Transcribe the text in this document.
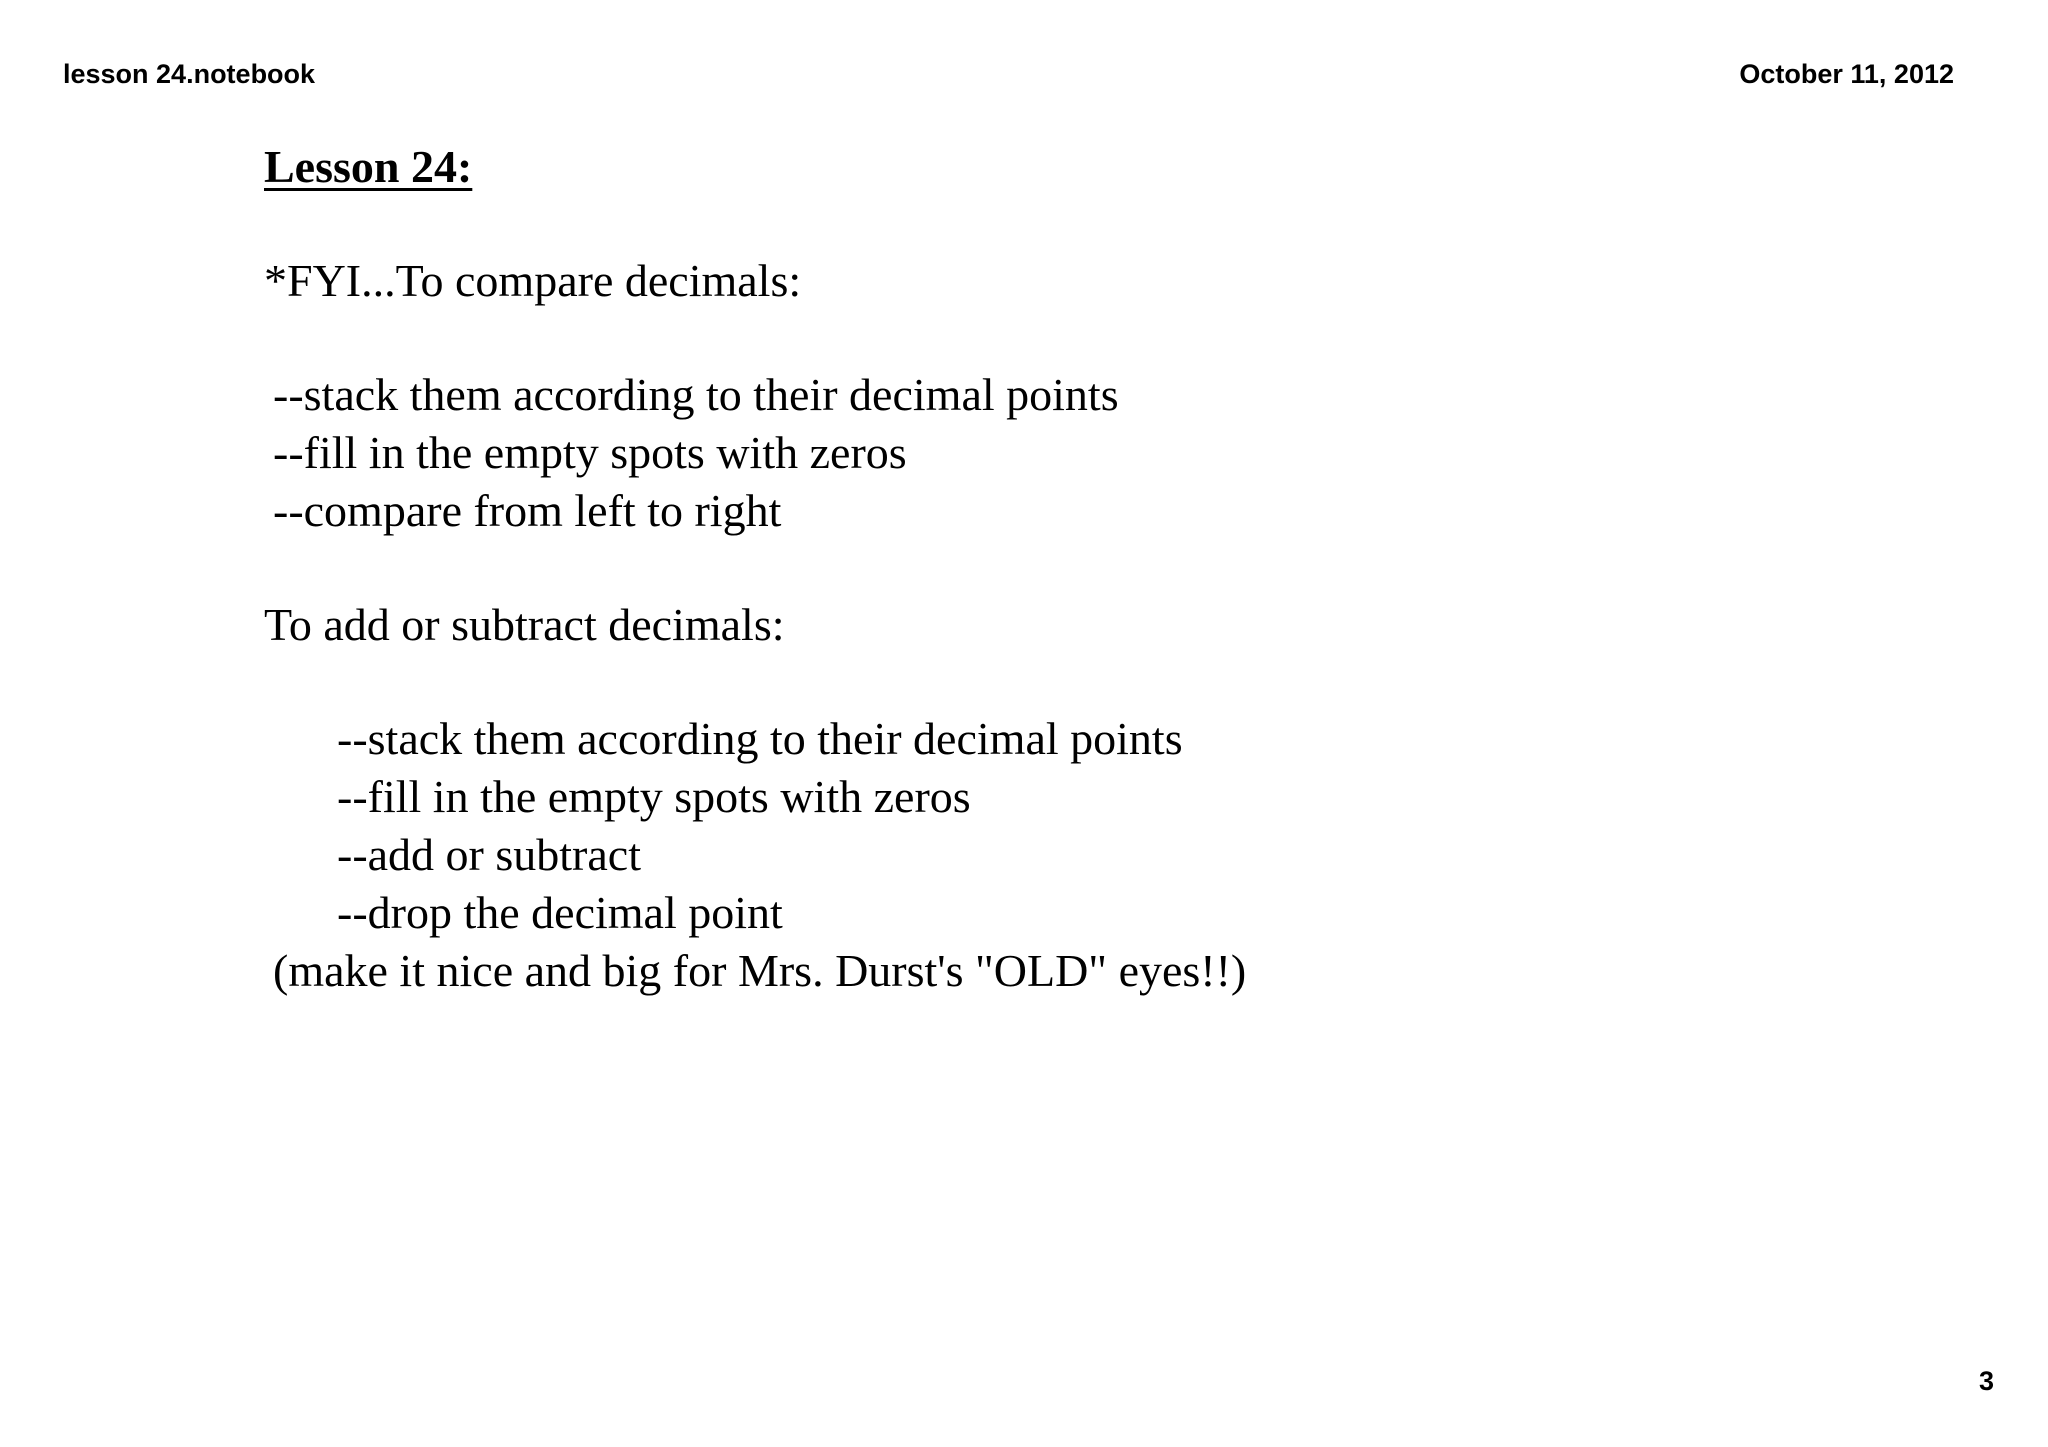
lesson 24.notebook	October 11, 2012
Lesson 24:
*FYI...To compare decimals:
--stack them according to their decimal points
--fill in the empty spots with zeros
--compare from left to right
To add or subtract decimals:
--stack them according to their decimal points
--fill in the empty spots with zeros
--add or subtract
--drop the decimal point
(make it nice and big for Mrs. Durst's "OLD" eyes!!)
3
